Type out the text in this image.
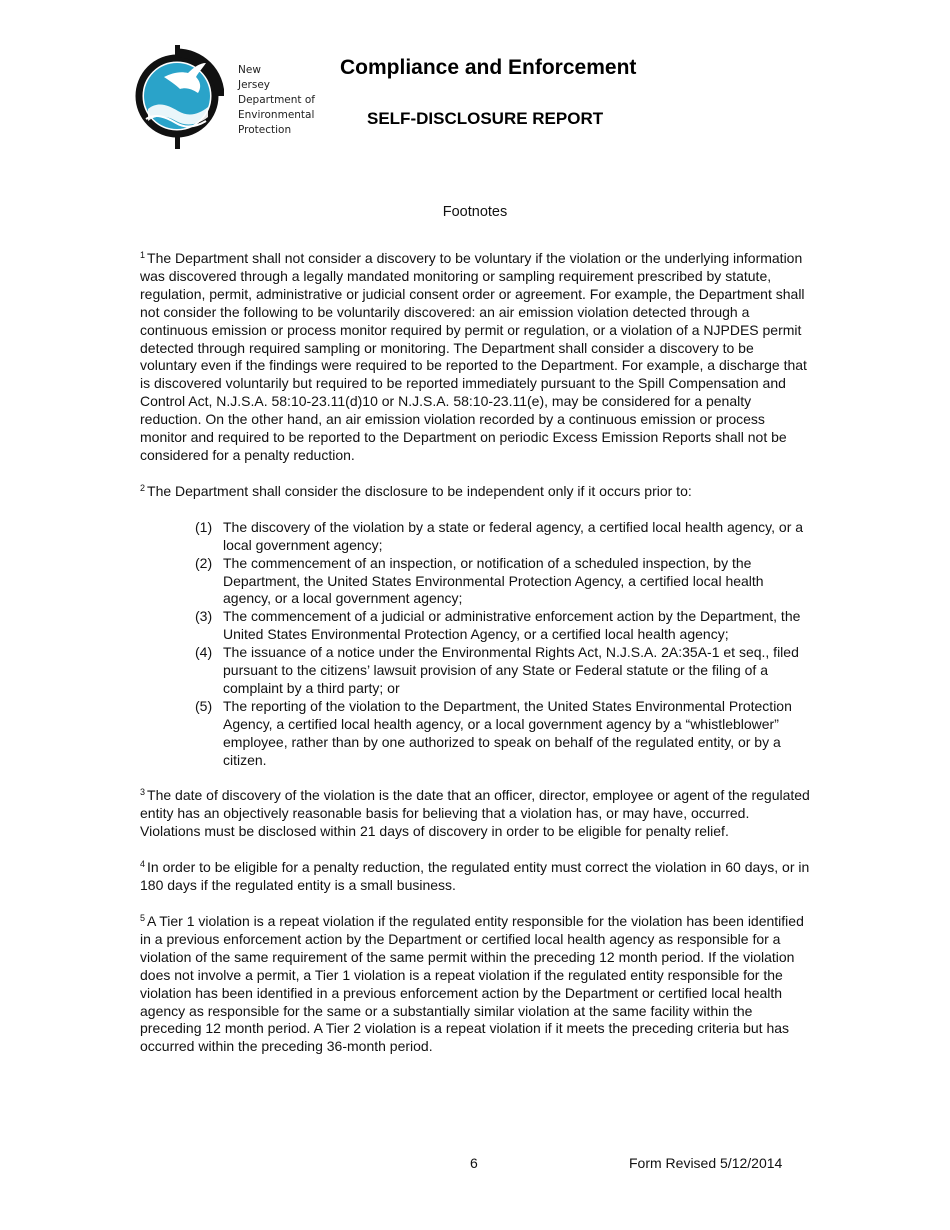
New
Jersey
Department of
Environmental
Protection
Compliance and Enforcement
SELF-DISCLOSURE REPORT
Footnotes

$^1$ The Department shall not consider a discovery to be voluntary if the violation or the underlying information was discovered through a legally mandated monitoring or sampling requirement prescribed by statute, regulation, permit, administrative or judicial consent order or agreement. For example, the Department shall not consider the following to be voluntarily discovered: an air emission violation detected through a continuous emission or process monitor required by permit or regulation, or a violation of a NJPDES permit detected through required sampling or monitoring. The Department shall consider a discovery to be voluntary even if the findings were required to be reported to the Department. For example, a discharge that is discovered voluntarily but required to be reported immediately pursuant to the Spill Compensation and Control Act, N.J.S.A. 58:10-23.11(d)10 or N.J.S.A. 58:10-23.11(e), may be considered for a penalty reduction. On the other hand, an air emission violation recorded by a continuous emission or process monitor and required to be reported to the Department on periodic Excess Emission Reports shall not be considered for a penalty reduction.

$^2$ The Department shall consider the disclosure to be independent only if it occurs prior to:

(1) The discovery of the violation by a state or federal agency, a certified local health agency, or a local government agency;
(2) The commencement of an inspection, or notification of a scheduled inspection, by the Department, the United States Environmental Protection Agency, a certified local health agency, or a local government agency;
(3) The commencement of a judicial or administrative enforcement action by the Department, the United States Environmental Protection Agency, or a certified local health agency;
(4) The issuance of a notice under the Environmental Rights Act, N.J.S.A. 2A:35A-1 et seq., filed pursuant to the citizens’ lawsuit provision of any State or Federal statute or the filing of a complaint by a third party; or
(5) The reporting of the violation to the Department, the United States Environmental Protection Agency, a certified local health agency, or a local government agency by a “whistleblower” employee, rather than by one authorized to speak on behalf of the regulated entity, or by a citizen.

$^3$ The date of discovery of the violation is the date that an officer, director, employee or agent of the regulated entity has an objectively reasonable basis for believing that a violation has, or may have, occurred. Violations must be disclosed within 21 days of discovery in order to be eligible for penalty relief.

$^4$ In order to be eligible for a penalty reduction, the regulated entity must correct the violation in 60 days, or in 180 days if the regulated entity is a small business.

$^5$ A Tier 1 violation is a repeat violation if the regulated entity responsible for the violation has been identified in a previous enforcement action by the Department or certified local health agency as responsible for a violation of the same requirement of the same permit within the preceding 12 month period. If the violation does not involve a permit, a Tier 1 violation is a repeat violation if the regulated entity responsible for the violation has been identified in a previous enforcement action by the Department or certified local health agency as responsible for the same or a substantially similar violation at the same facility within the preceding 12 month period. A Tier 2 violation is a repeat violation if it meets the preceding criteria but has occurred within the preceding 36-month period.

6	Form Revised 5/12/2014
